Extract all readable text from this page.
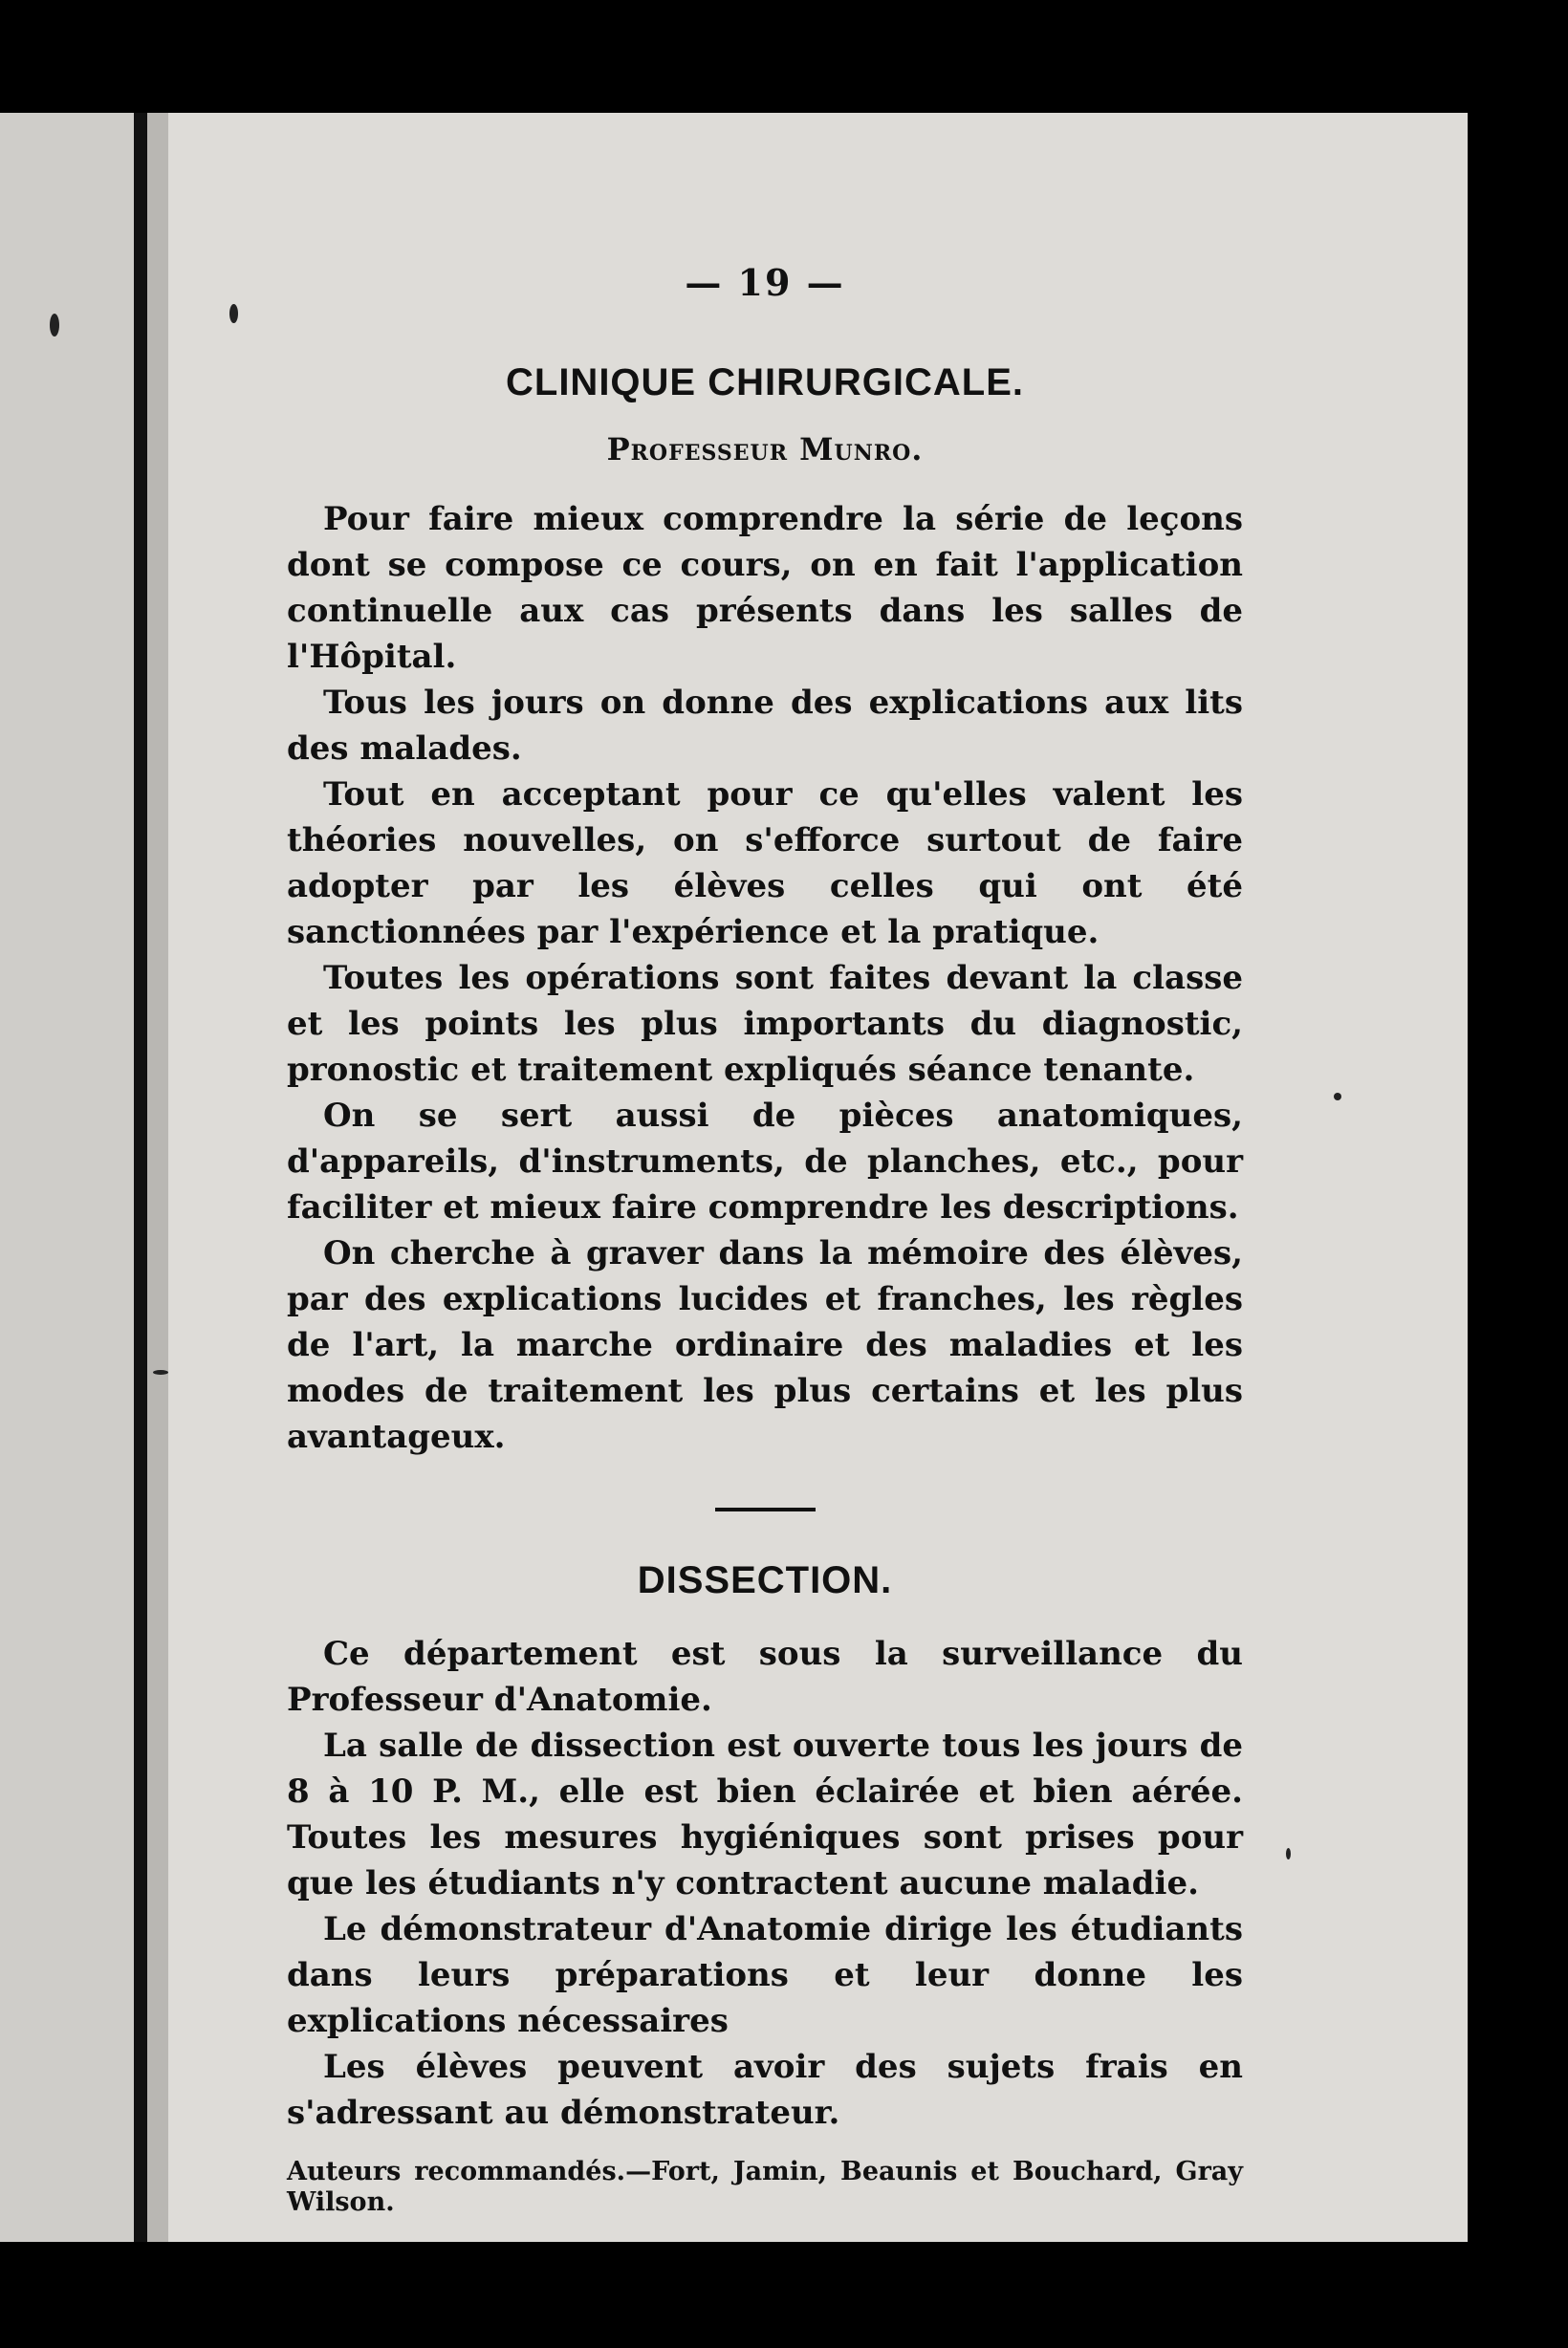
— 19 —
CLINIQUE CHIRURGICALE.
Professeur Munro.

Pour faire mieux comprendre la série de leçons dont se compose ce cours, on en fait l'application continuelle aux cas présents dans les salles de l'Hôpital.

Tous les jours on donne des explications aux lits des malades.

Tout en acceptant pour ce qu'elles valent les théories nouvelles, on s'efforce surtout de faire adopter par les élèves celles qui ont été sanctionnées par l'expérience et la pratique.

Toutes les opérations sont faites devant la classe et les points les plus importants du diagnostic, pronostic et traitement expliqués séance tenante.

On se sert aussi de pièces anatomiques, d'appareils, d'instruments, de planches, etc., pour faciliter et mieux faire comprendre les descriptions.

On cherche à graver dans la mémoire des élèves, par des explications lucides et franches, les règles de l'art, la marche ordinaire des maladies et les modes de traitement les plus certains et les plus avantageux.

DISSECTION.

Ce département est sous la surveillance du Professeur d'Anatomie.

La salle de dissection est ouverte tous les jours de 8 à 10 P. M., elle est bien éclairée et bien aérée. Toutes les mesures hygiéniques sont prises pour que les étudiants n'y contractent aucune maladie.

Le démonstrateur d'Anatomie dirige les étudiants dans leurs préparations et leur donne les explications nécessaires

Les élèves peuvent avoir des sujets frais en s'adressant au démonstrateur.

Auteurs recommandés.—Fort, Jamin, Beaunis et Bouchard, Gray Wilson.
